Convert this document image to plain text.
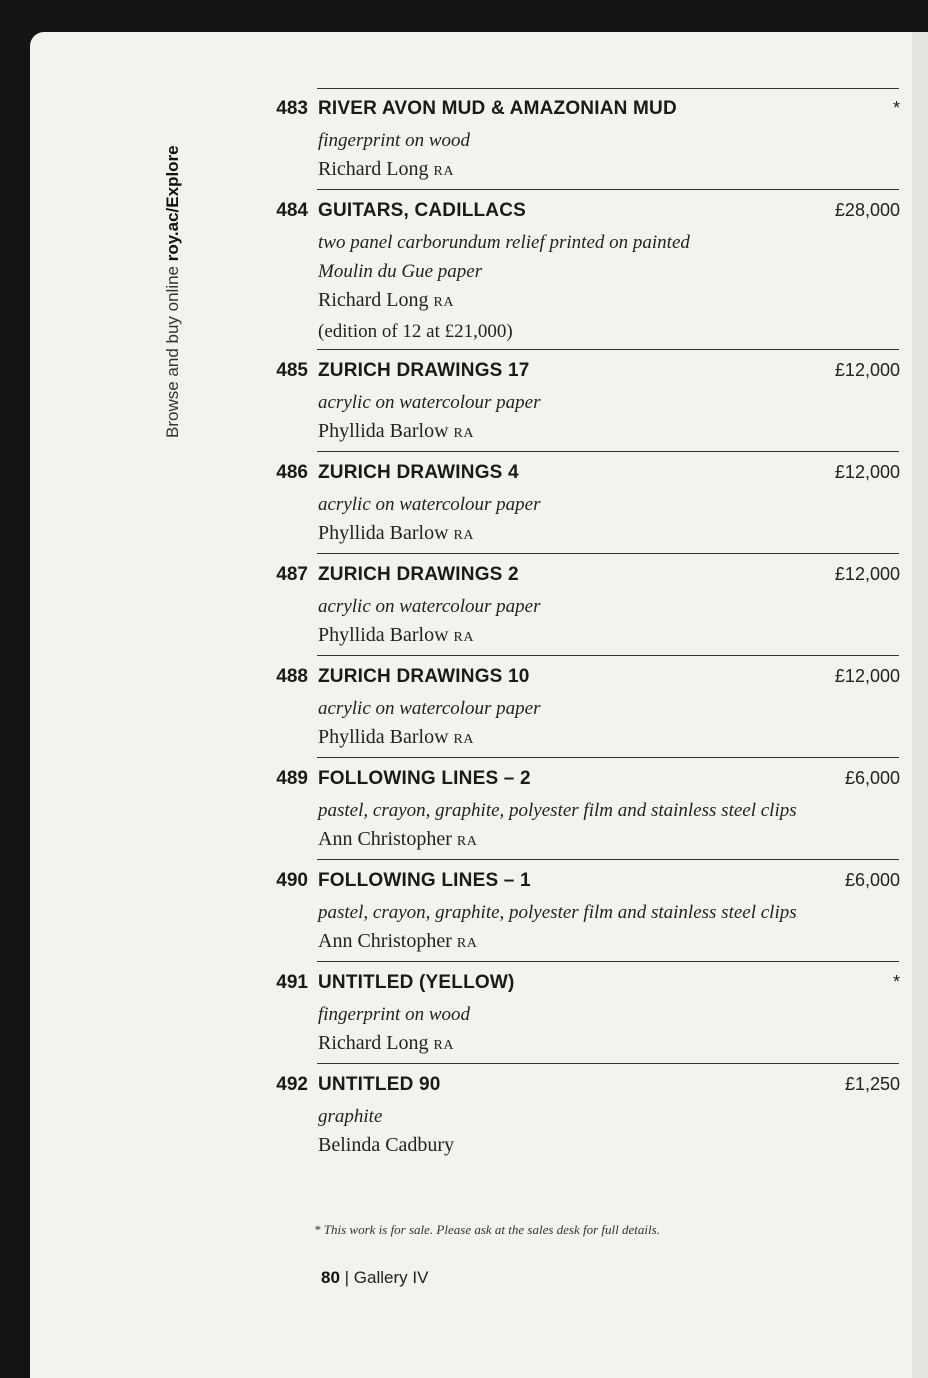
Browse and buy online roy.ac/Explore
483 RIVER AVON MUD & AMAZONIAN MUD	*
fingerprint on wood
Richard Long RA
484 GUITARS, CADILLACS	£28,000
two panel carborundum relief printed on painted
Moulin du Gue paper
Richard Long RA
(edition of 12 at £21,000)
485 ZURICH DRAWINGS 17	£12,000
acrylic on watercolour paper
Phyllida Barlow RA
486 ZURICH DRAWINGS 4	£12,000
acrylic on watercolour paper
Phyllida Barlow RA
487 ZURICH DRAWINGS 2	£12,000
acrylic on watercolour paper
Phyllida Barlow RA
488 ZURICH DRAWINGS 10	£12,000
acrylic on watercolour paper
Phyllida Barlow RA
489 FOLLOWING LINES – 2	£6,000
pastel, crayon, graphite, polyester film and stainless steel clips
Ann Christopher RA
490 FOLLOWING LINES – 1	£6,000
pastel, crayon, graphite, polyester film and stainless steel clips
Ann Christopher RA
491 UNTITLED (YELLOW)	*
fingerprint on wood
Richard Long RA
492 UNTITLED 90	£1,250
graphite
Belinda Cadbury
* This work is for sale. Please ask at the sales desk for full details.
80 | Gallery IV
